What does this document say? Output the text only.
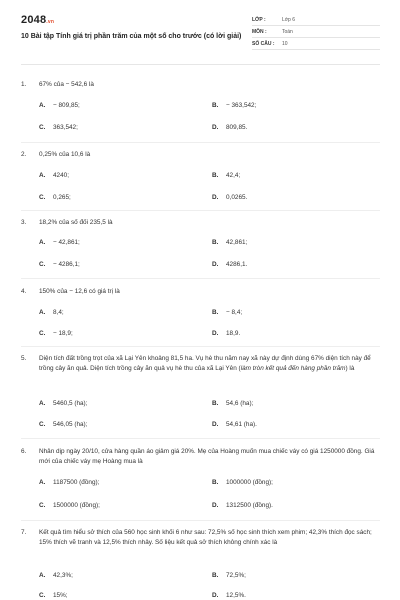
2048.vn
10 Bài tập Tính giá trị phần trăm của một số cho trước (có lời giải)
LỚP :	Lớp 6
MÔN :	Toán
SỐ CÂU :	10
1.	67% của − 542,6 là
A.	− 809,85;	B.	− 363,542;
C.	363,542;	D.	809,85.
2.	0,25% của 10,6 là
A.	4240;	B.	42,4;
C.	0,265;	D.	0,0265.
3.	18,2% của số đối 235,5 là
A.	− 42,861;	B.	42,861;
C.	− 4286,1;	D.	4286,1.
4.	150% của − 12,6 có giá trị là
A.	8,4;	B.	− 8,4;
C.	− 18,9;	D.	18,9.
5.	Diện tích đất trồng trọt của xã Lại Yên khoảng 81,5 ha. Vụ hè thu năm nay xã này dự định dùng 67% diện tích này để trồng cây ăn quả. Diện tích trồng cây ăn quả vụ hè thu của xã Lại Yên (làm tròn kết quả đến hàng phần trăm) là
A.	5460,5 (ha);	B.	54,6 (ha);
C.	546,05 (ha);	D.	54,61 (ha).
6.	Nhân dịp ngày 20/10, cửa hàng quần áo giảm giá 20%. Mẹ của Hoàng muốn mua chiếc váy có giá 1250000 đồng. Giá mới của chiếc váy mẹ Hoàng mua là
A.	1187500 (đồng);	B.	1000000 (đồng);
C.	1500000 (đồng);	D.	1312500 (đồng).
7.	Kết quả tìm hiểu sở thích của 560 học sinh khối 6 như sau: 72,5% số học sinh thích xem phim; 42,3% thích đọc sách; 15% thích vẽ tranh và 12,5% thích nhảy. Số liệu kết quả sở thích không chính xác là
A.	42,3%;	B.	72,5%;
C.	15%;	D.	12,5%.
